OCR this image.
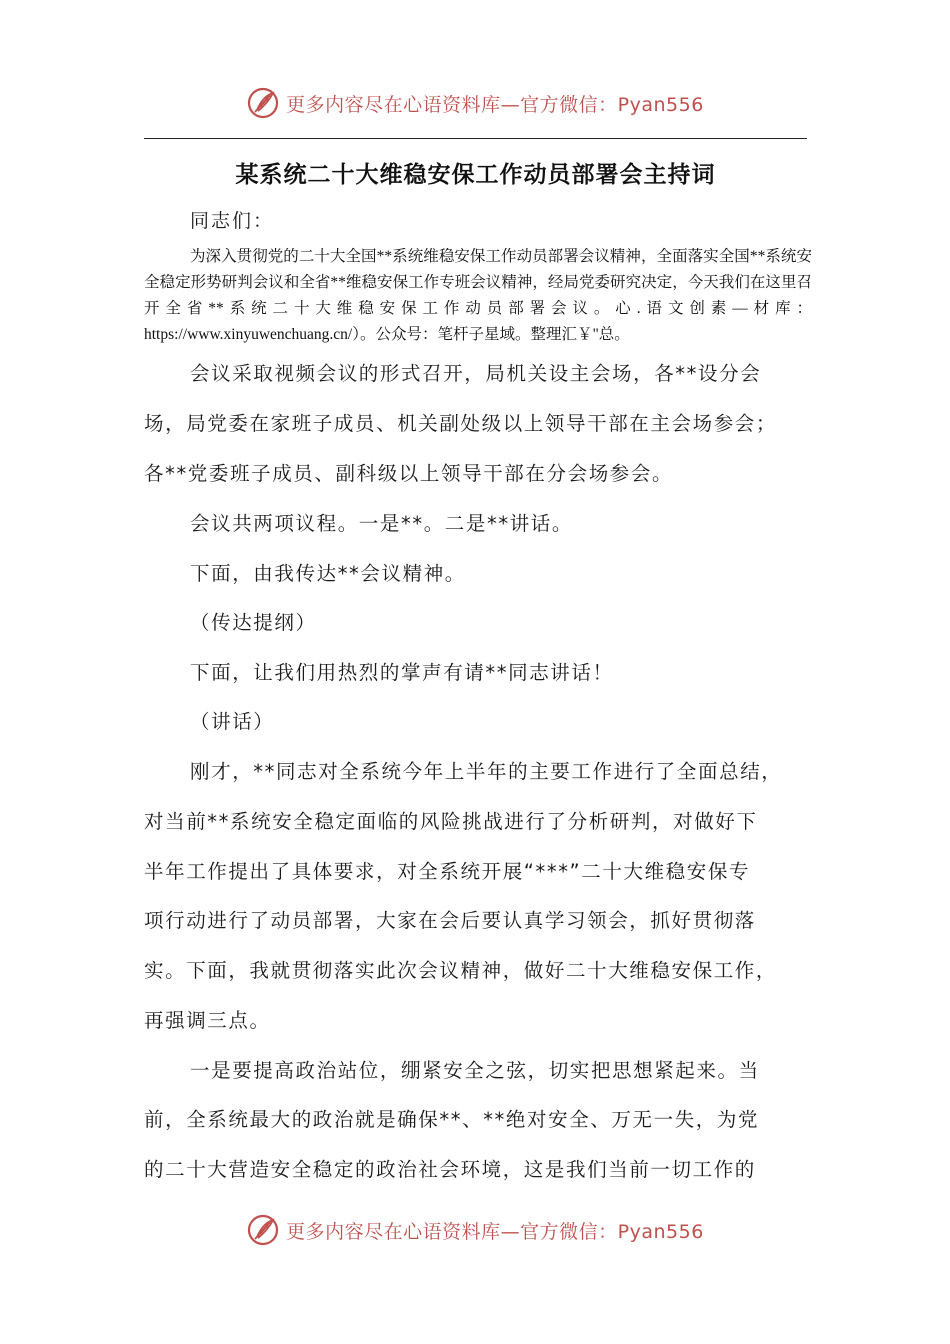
更多内容尽在心语资料库—官方微信：Pyan556
某系统二十大维稳安保工作动员部署会主持词
同志们：
为深入贯彻党的二十大全国**系统维稳安保工作动员部署会议精神，全面落实全国**系统安全稳定形势研判会议和全省**维稳安保工作专班会议精神，经局党委研究决定，今天我们在这里召开全省**系统二十大维稳安保工作动员部署会议。心.语文创素—材库：https://www.xinyuwenchuang.cn/）。公众号：笔杆子星域。整理汇￥"总。
会议采取视频会议的形式召开，局机关设主会场，各**设分会
场，局党委在家班子成员、机关副处级以上领导干部在主会场参会；
各**党委班子成员、副科级以上领导干部在分会场参会。
会议共两项议程。一是**。二是**讲话。
下面，由我传达**会议精神。
（传达提纲）
下面，让我们用热烈的掌声有请**同志讲话！
（讲话）
刚才，**同志对全系统今年上半年的主要工作进行了全面总结，
对当前**系统安全稳定面临的风险挑战进行了分析研判，对做好下
半年工作提出了具体要求，对全系统开展“***”二十大维稳安保专
项行动进行了动员部署，大家在会后要认真学习领会，抓好贯彻落
实。下面，我就贯彻落实此次会议精神，做好二十大维稳安保工作，
再强调三点。
一是要提高政治站位，绷紧安全之弦，切实把思想紧起来。当
前，全系统最大的政治就是确保**、**绝对安全、万无一失，为党
的二十大营造安全稳定的政治社会环境，这是我们当前一切工作的
更多内容尽在心语资料库—官方微信：Pyan556
